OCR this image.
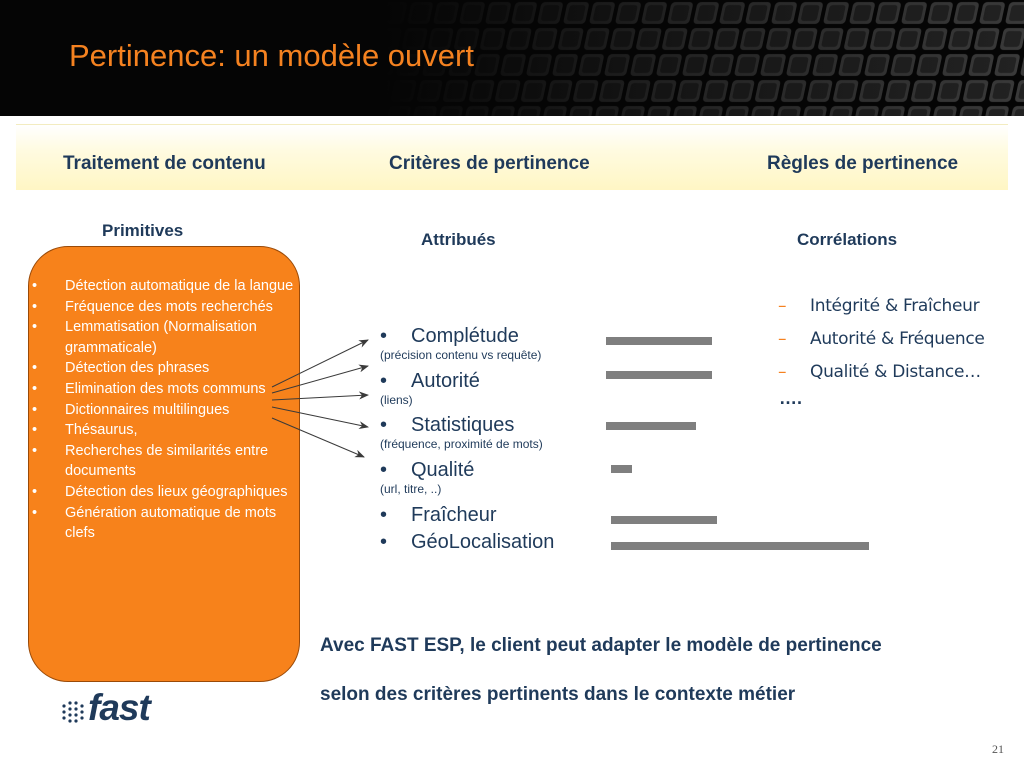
Pertinence: un modèle ouvert
Traitement de contenu	Critères de pertinence	Règles de pertinence
Primitives	Attribués	Corrélations
• Détection automatique de la langue
• Fréquence des mots recherchés
• Lemmatisation (Normalisation grammaticale)
• Détection des phrases
• Elimination des mots communs
• Dictionnaires multilingues
• Thésaurus,
• Recherches de similarités entre documents
• Détection des lieux géographiques
• Génération automatique de mots clefs
• Complétude
(précision contenu vs requête)
• Autorité
(liens)
• Statistiques
(fréquence, proximité de mots)
• Qualité
(url, titre, ..)
• Fraîcheur
• GéoLocalisation
– Intégrité & Fraîcheur
– Autorité & Fréquence
– Qualité & Distance…
….
Avec FAST ESP, le client peut adapter le modèle de pertinence
selon des critères pertinents dans le contexte métier
fast
21
